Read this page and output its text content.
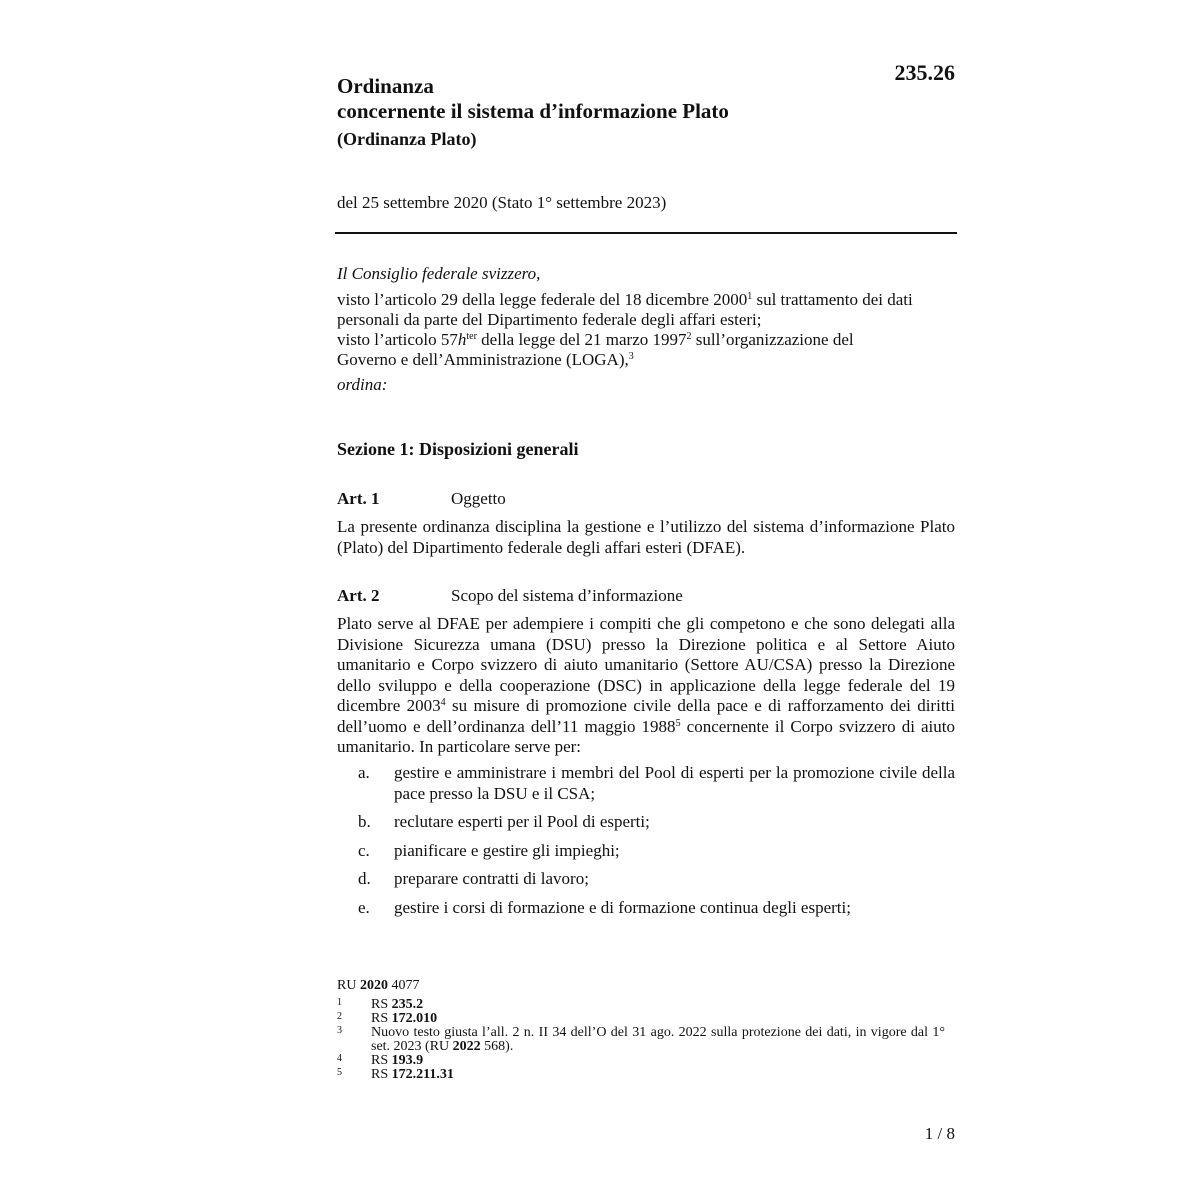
235.26
Ordinanza
concernente il sistema d’informazione Plato
(Ordinanza Plato)
del 25 settembre 2020 (Stato 1° settembre 2023)
Il Consiglio federale svizzero,
visto l’articolo 29 della legge federale del 18 dicembre 2000$^1$ sul trattamento dei dati
personali da parte del Dipartimento federale degli affari esteri;
visto l’articolo $57h^{ter}$ della legge del 21 marzo 1997$^2$ sull’organizzazione del
Governo e dell’Amministrazione (LOGA),$^3$
ordina:
Sezione 1: Disposizioni generali
Art. 1	Oggetto
La presente ordinanza disciplina la gestione e l’utilizzo del sistema d’informazione Plato (Plato) del Dipartimento federale degli affari esteri (DFAE).
Art. 2	Scopo del sistema d’informazione
Plato serve al DFAE per adempiere i compiti che gli competono e che sono delegati alla Divisione Sicurezza umana (DSU) presso la Direzione politica e al Settore Aiuto umanitario e Corpo svizzero di aiuto umanitario (Settore AU/CSA) presso la Direzione dello sviluppo e della cooperazione (DSC) in applicazione della legge federale del 19 dicembre 2003$^4$ su misure di promozione civile della pace e di rafforzamento dei diritti dell’uomo e dell’ordinanza dell’11 maggio 1988$^5$ concernente il Corpo svizzero di aiuto umanitario. In particolare serve per:
a. gestire e amministrare i membri del Pool di esperti per la promozione civile della pace presso la DSU e il CSA;
b. reclutare esperti per il Pool di esperti;
c. pianificare e gestire gli impieghi;
d. preparare contratti di lavoro;
e. gestire i corsi di formazione e di formazione continua degli esperti;
RU 2020 4077
1 RS 235.2
2 RS 172.010
3 Nuovo testo giusta l’all. 2 n. II 34 dell’O del 31 ago. 2022 sulla protezione dei dati, in vigore dal 1° set. 2023 (RU 2022 568).
4 RS 193.9
5 RS 172.211.31
1 / 8
